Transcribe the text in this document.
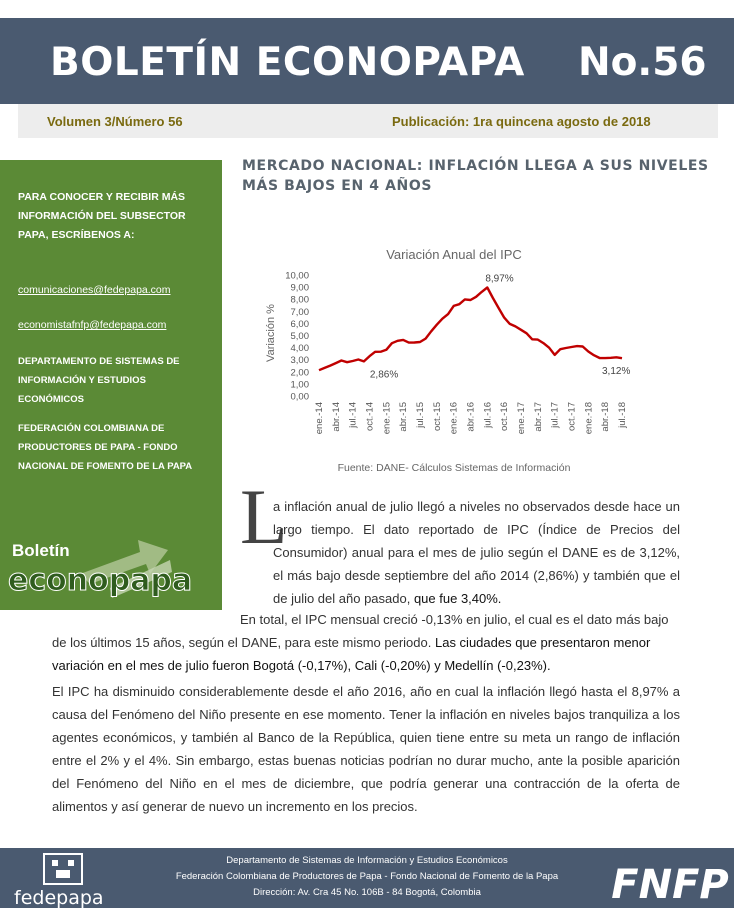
BOLETÍN ECONOPAPA No.56
Volumen 3/Número 56	Publicación: 1ra quincena agosto de 2018
PARA CONOCER Y RECIBIR MÁS INFORMACIÓN DEL SUBSECTOR PAPA, ESCRÍBENOS A:
comunicaciones@fedepapa.com
economistafnfp@fedepapa.com
DEPARTAMENTO DE SISTEMAS DE INFORMACIÓN Y ESTUDIOS ECONÓMICOS
FEDERACIÓN COLOMBIANA DE PRODUCTORES DE PAPA - FONDO NACIONAL DE FOMENTO DE LA PAPA
Boletín
econopapa
MERCADO NACIONAL: INFLACIÓN LLEGA A SUS NIVELES MÁS BAJOS EN 4 AÑOS
Variación Anual del IPC
Variación %
0,00
1,00
2,00
3,00
4,00
5,00
6,00
7,00
8,00
9,00
10,00
ene.-14 abr.-14 jul.-14 oct.-14 ene.-15 abr.-15 jul.-15 oct.-15 ene.-16 abr.-16 jul.-16 oct.-16 ene.-17 abr.-17 jul.-17 oct.-17 ene.-18 abr.-18 jul.-18
2,86%
8,97%
3,12%
Fuente: DANE- Cálculos Sistemas de Información
L
a inflación anual de julio llegó a niveles no observados desde hace un largo tiempo. El dato reportado de IPC (Índice de Precios del Consumidor) anual para el mes de julio según el DANE es de 3,12%, el más bajo desde septiembre del año 2014 (2,86%) y también que el de julio del año pasado, que fue 3,40%.
En total, el IPC mensual creció -0,13% en julio, el cual es el dato más bajo de los últimos 15 años, según el DANE, para este mismo periodo. Las ciudades que presentaron menor variación en el mes de julio fueron Bogotá (-0,17%), Cali (-0,20%) y Medellín (-0,23%).
El IPC ha disminuido considerablemente desde el año 2016, año en cual la inflación llegó hasta el 8,97% a causa del Fenómeno del Niño presente en ese momento. Tener la inflación en niveles bajos tranquiliza a los agentes económicos, y también al Banco de la República, quien tiene entre su meta un rango de inflación entre el 2% y el 4%. Sin embargo, estas buenas noticias podrían no durar mucho, ante la posible aparición del Fenómeno del Niño en el mes de diciembre, que podría generar una contracción de la oferta de alimentos y así generar de nuevo un incremento en los precios.
Departamento de Sistemas de Información y Estudios Económicos
Federación Colombiana de Productores de Papa - Fondo Nacional de Fomento de la Papa
Dirección: Av. Cra 45 No. 106B - 84 Bogotá, Colombia
fedepapa	FNFP
